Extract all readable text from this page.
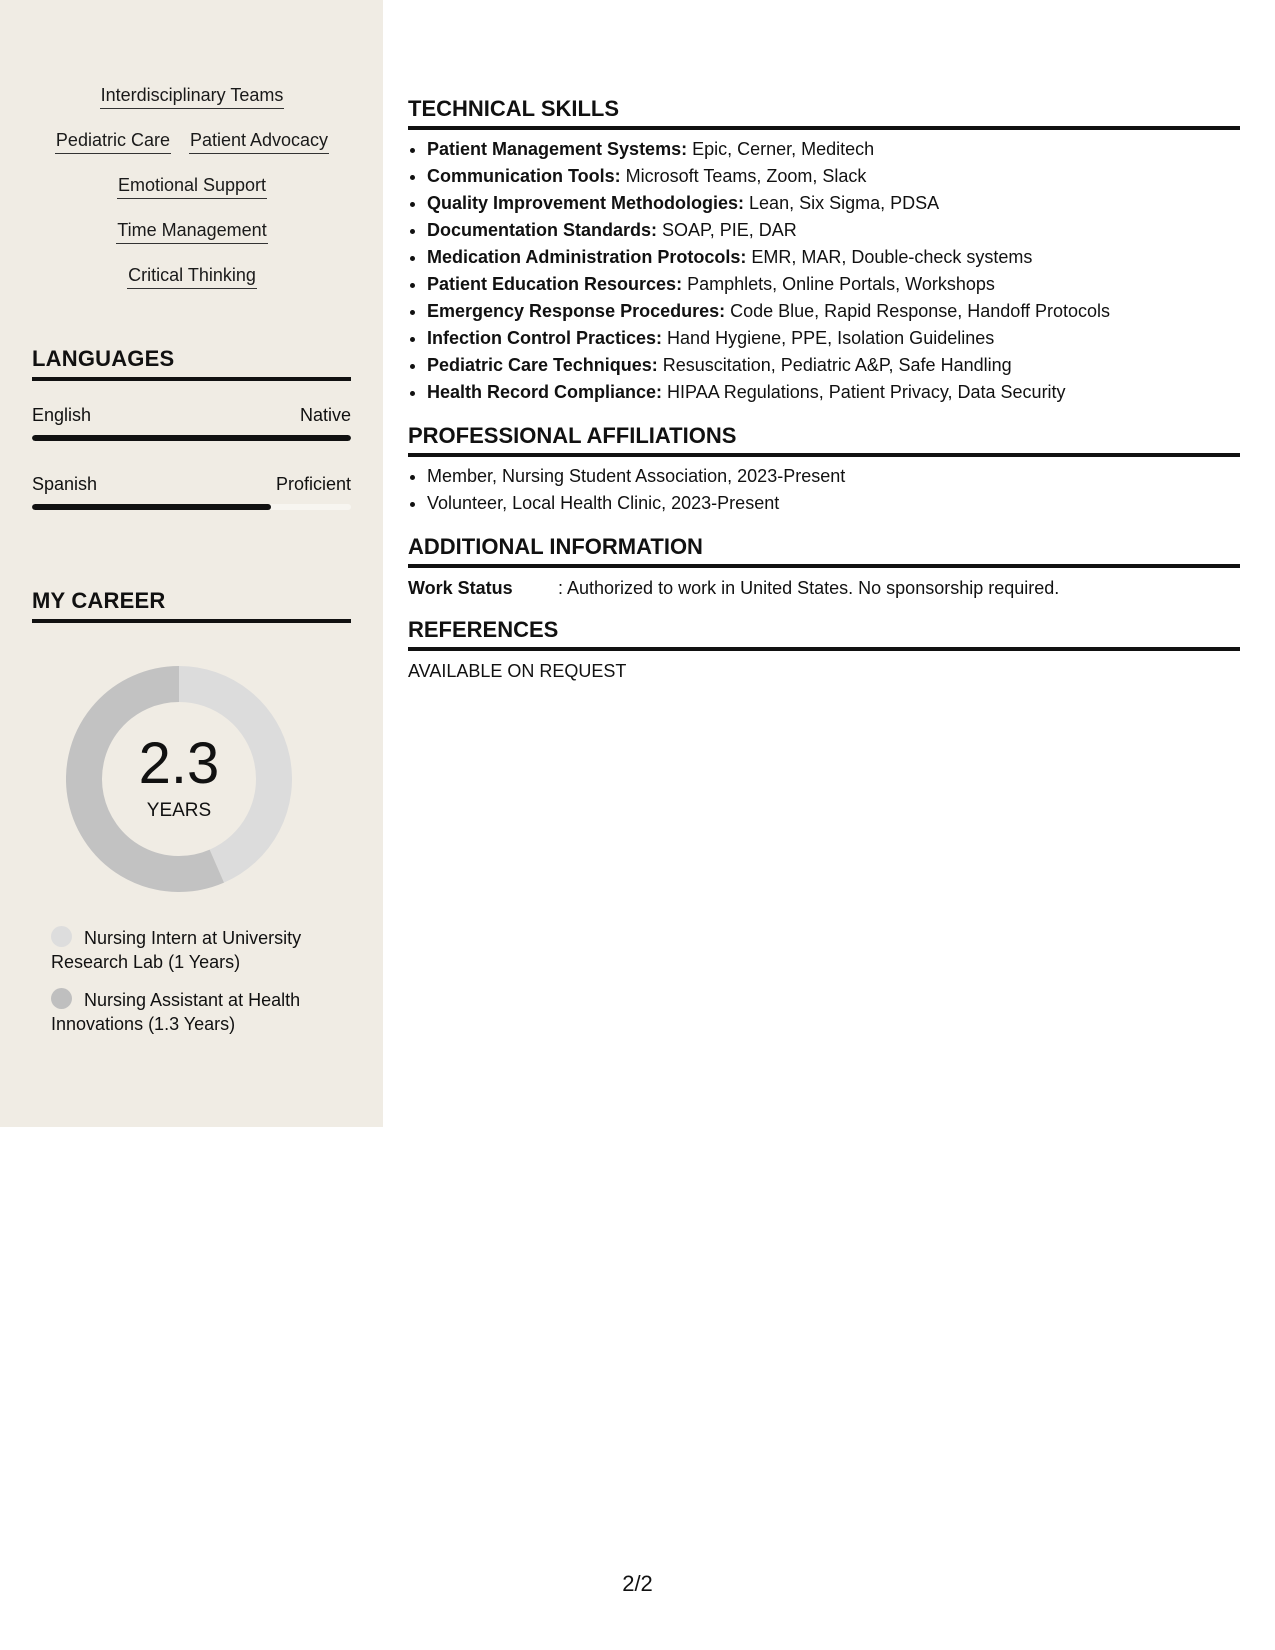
Interdisciplinary Teams
Pediatric Care Patient Advocacy
Emotional Support
Time Management
Critical Thinking
LANGUAGES
English	Native
Spanish	Proficient
MY CAREER
2.3
YEARS
Nursing Intern at University Research Lab (1 Years)
Nursing Assistant at Health Innovations (1.3 Years)
TECHNICAL SKILLS
• Patient Management Systems: Epic, Cerner, Meditech
• Communication Tools: Microsoft Teams, Zoom, Slack
• Quality Improvement Methodologies: Lean, Six Sigma, PDSA
• Documentation Standards: SOAP, PIE, DAR
• Medication Administration Protocols: EMR, MAR, Double-check systems
• Patient Education Resources: Pamphlets, Online Portals, Workshops
• Emergency Response Procedures: Code Blue, Rapid Response, Handoff Protocols
• Infection Control Practices: Hand Hygiene, PPE, Isolation Guidelines
• Pediatric Care Techniques: Resuscitation, Pediatric A&P, Safe Handling
• Health Record Compliance: HIPAA Regulations, Patient Privacy, Data Security
PROFESSIONAL AFFILIATIONS
• Member, Nursing Student Association, 2023-Present
• Volunteer, Local Health Clinic, 2023-Present
ADDITIONAL INFORMATION
Work Status	: Authorized to work in United States. No sponsorship required.
REFERENCES
AVAILABLE ON REQUEST
2/2
